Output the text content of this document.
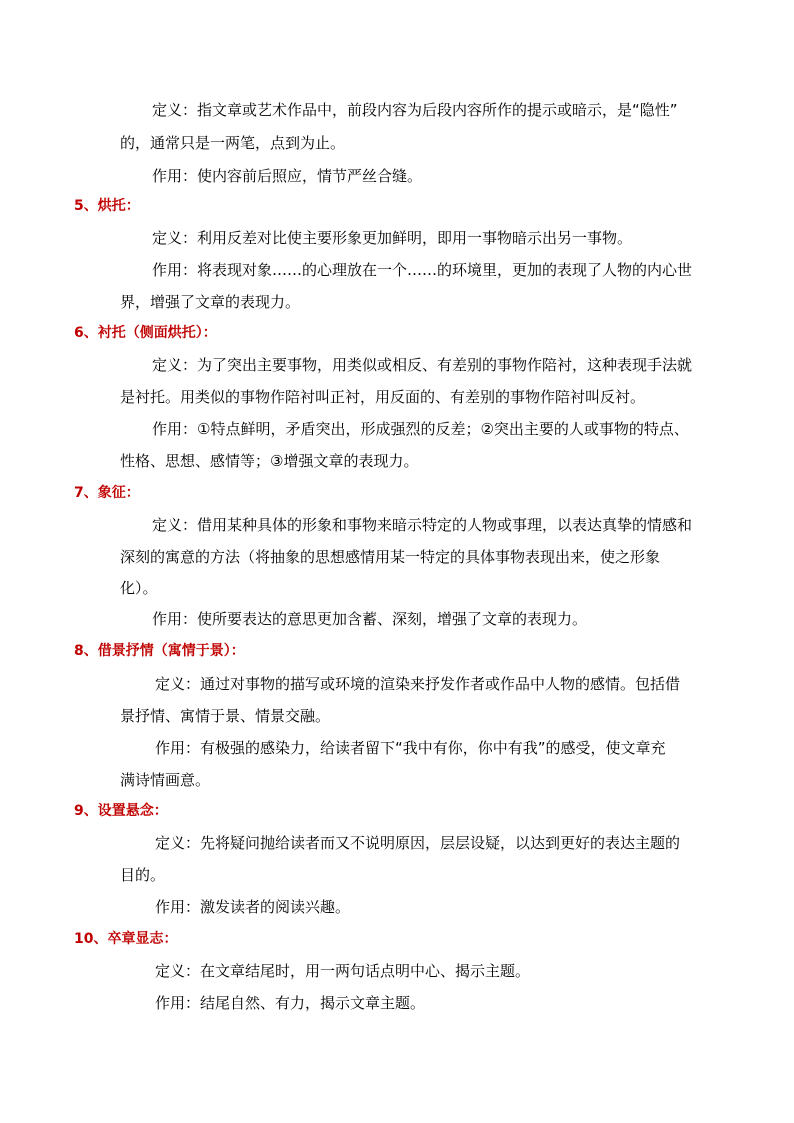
定义：指文章或艺术作品中，前段内容为后段内容所作的提示或暗示，是“隐性”
的，通常只是一两笔，点到为止。
作用：使内容前后照应，情节严丝合缝。
5、烘托：
定义：利用反差对比使主要形象更加鲜明，即用一事物暗示出另一事物。
作用：将表现对象……的心理放在一个……的环境里，更加的表现了人物的内心世
界，增强了文章的表现力。
6、衬托（侧面烘托）：
定义：为了突出主要事物，用类似或相反、有差别的事物作陪衬，这种表现手法就
是衬托。用类似的事物作陪衬叫正衬，用反面的、有差别的事物作陪衬叫反衬。
作用：①特点鲜明，矛盾突出，形成强烈的反差；②突出主要的人或事物的特点、
性格、思想、感情等；③增强文章的表现力。
7、象征：
定义：借用某种具体的形象和事物来暗示特定的人物或事理，以表达真挚的情感和
深刻的寓意的方法（将抽象的思想感情用某一特定的具体事物表现出来，使之形象
化）。
作用：使所要表达的意思更加含蓄、深刻，增强了文章的表现力。
8、借景抒情（寓情于景）：
定义：通过对事物的描写或环境的渲染来抒发作者或作品中人物的感情。包括借
景抒情、寓情于景、情景交融。
作用：有极强的感染力，给读者留下“我中有你，你中有我”的感受，使文章充
满诗情画意。
9、设置悬念：
定义：先将疑问抛给读者而又不说明原因，层层设疑，以达到更好的表达主题的
目的。
作用：激发读者的阅读兴趣。
10、卒章显志：
定义：在文章结尾时，用一两句话点明中心、揭示主题。
作用：结尾自然、有力，揭示文章主题。
